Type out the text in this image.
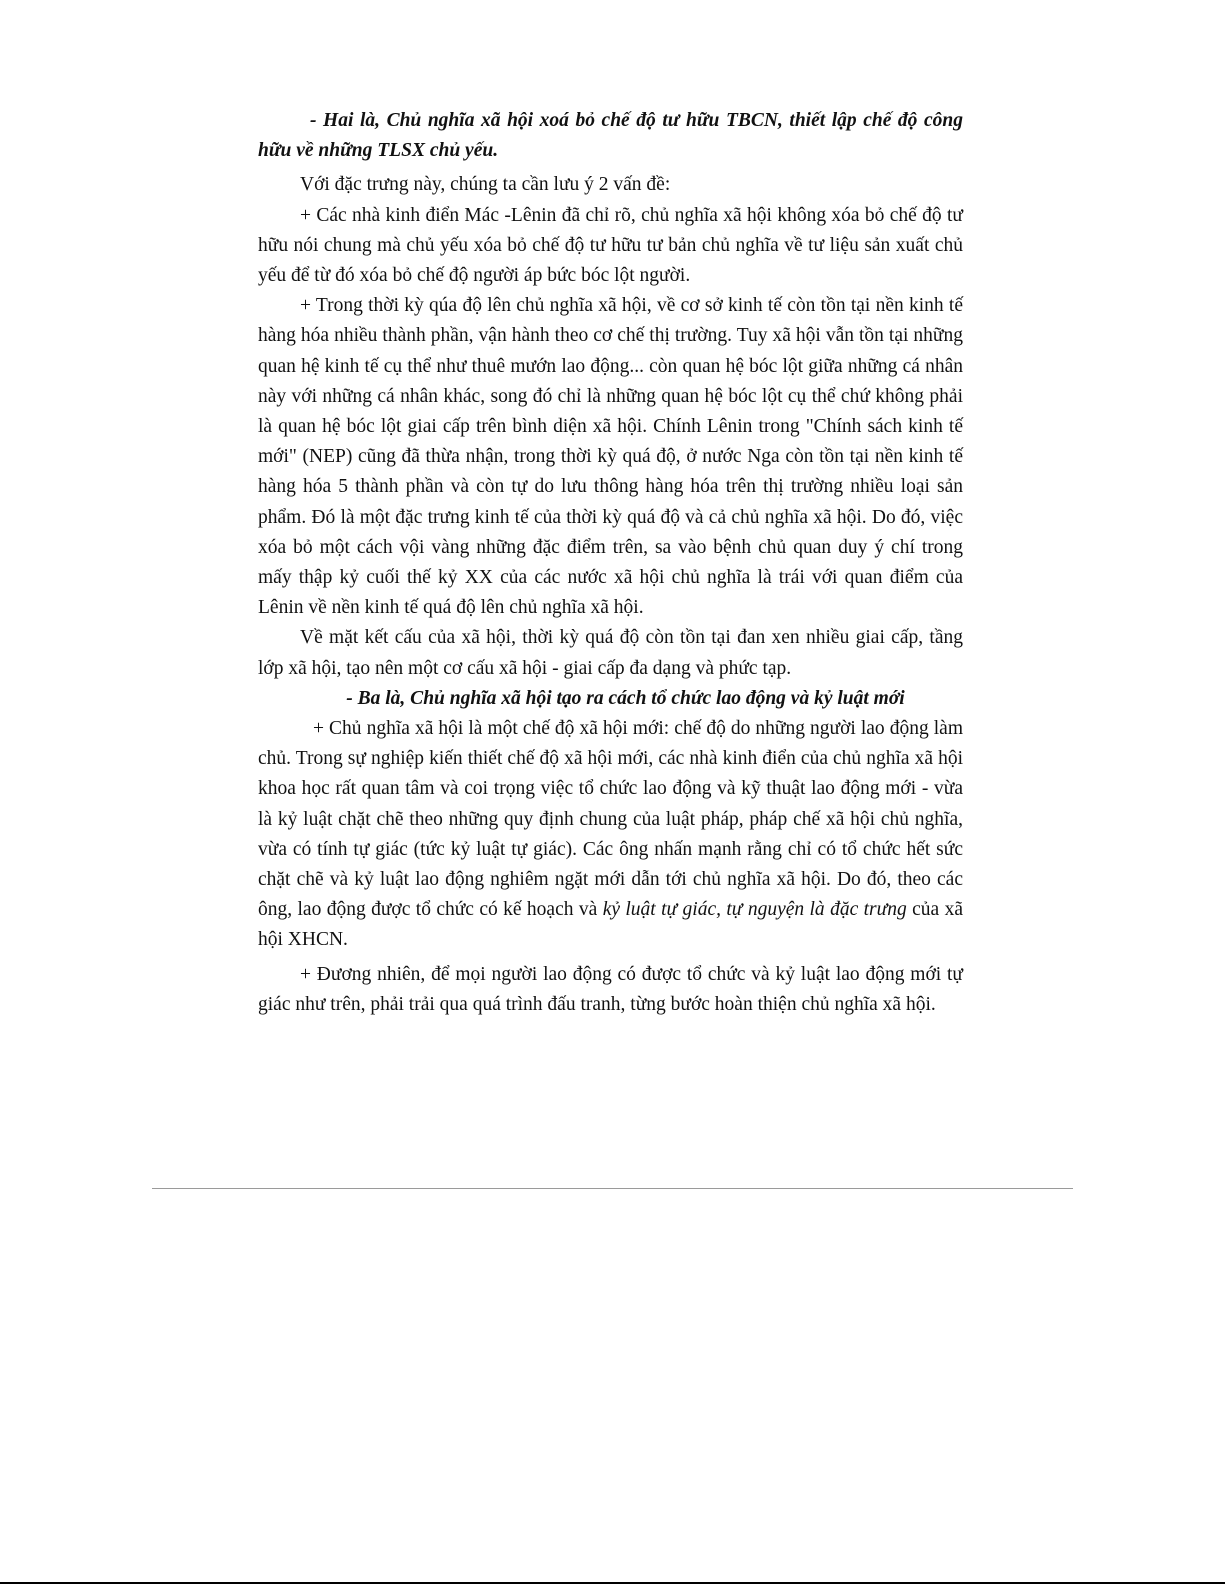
- Hai là, Chủ nghĩa xã hội xoá bỏ chế độ tư hữu TBCN, thiết lập chế độ công hữu về những TLSX chủ yếu.

Với đặc trưng này, chúng ta cần lưu ý 2 vấn đề:

+ Các nhà kinh điển Mác -Lênin đã chỉ rõ, chủ nghĩa xã hội không xóa bỏ chế độ tư hữu nói chung mà chủ yếu xóa bỏ chế độ tư hữu tư bản chủ nghĩa về tư liệu sản xuất chủ yếu để từ đó xóa bỏ chế độ người áp bức bóc lột người.

+ Trong thời kỳ qúa độ lên chủ nghĩa xã hội, về cơ sở kinh tế còn tồn tại nền kinh tế hàng hóa nhiều thành phần, vận hành theo cơ chế thị trường. Tuy xã hội vẫn tồn tại những quan hệ kinh tế cụ thể như thuê mướn lao động... còn quan hệ bóc lột giữa những cá nhân này với những cá nhân khác, song đó chỉ là những quan hệ bóc lột cụ thể chứ không phải là quan hệ bóc lột giai cấp trên bình diện xã hội. Chính Lênin trong "Chính sách kinh tế mới" (NEP) cũng đã thừa nhận, trong thời kỳ quá độ, ở nước Nga còn tồn tại nền kinh tế hàng hóa 5 thành phần và còn tự do lưu thông hàng hóa trên thị trường nhiều loại sản phẩm. Đó là một đặc trưng kinh tế của thời kỳ quá độ và cả chủ nghĩa xã hội. Do đó, việc xóa bỏ một cách vội vàng những đặc điểm trên, sa vào bệnh chủ quan duy ý chí trong mấy thập kỷ cuối thế kỷ XX của các nước xã hội chủ nghĩa là trái với quan điểm của Lênin về nền kinh tế quá độ lên chủ nghĩa xã hội.

Về mặt kết cấu của xã hội, thời kỳ quá độ còn tồn tại đan xen nhiều giai cấp, tầng lớp xã hội, tạo nên một cơ cấu xã hội - giai cấp đa dạng và phức tạp.

- Ba là, Chủ nghĩa xã hội tạo ra cách tổ chức lao động và kỷ luật mới

+ Chủ nghĩa xã hội là một chế độ xã hội mới: chế độ do những người lao động làm chủ. Trong sự nghiệp kiến thiết chế độ xã hội mới, các nhà kinh điển của chủ nghĩa xã hội khoa học rất quan tâm và coi trọng việc tổ chức lao động và kỹ thuật lao động mới - vừa là kỷ luật chặt chẽ theo những quy định chung của luật pháp, pháp chế xã hội chủ nghĩa, vừa có tính tự giác (tức kỷ luật tự giác). Các ông nhấn mạnh rằng chỉ có tổ chức hết sức chặt chẽ và kỷ luật lao động nghiêm ngặt mới dẫn tới chủ nghĩa xã hội. Do đó, theo các ông, lao động được tổ chức có kế hoạch và kỷ luật tự giác, tự nguyện là đặc trưng của xã hội XHCN.

+ Đương nhiên, để mọi người lao động có được tổ chức và kỷ luật lao động mới tự giác như trên, phải trải qua quá trình đấu tranh, từng bước hoàn thiện chủ nghĩa xã hội.
